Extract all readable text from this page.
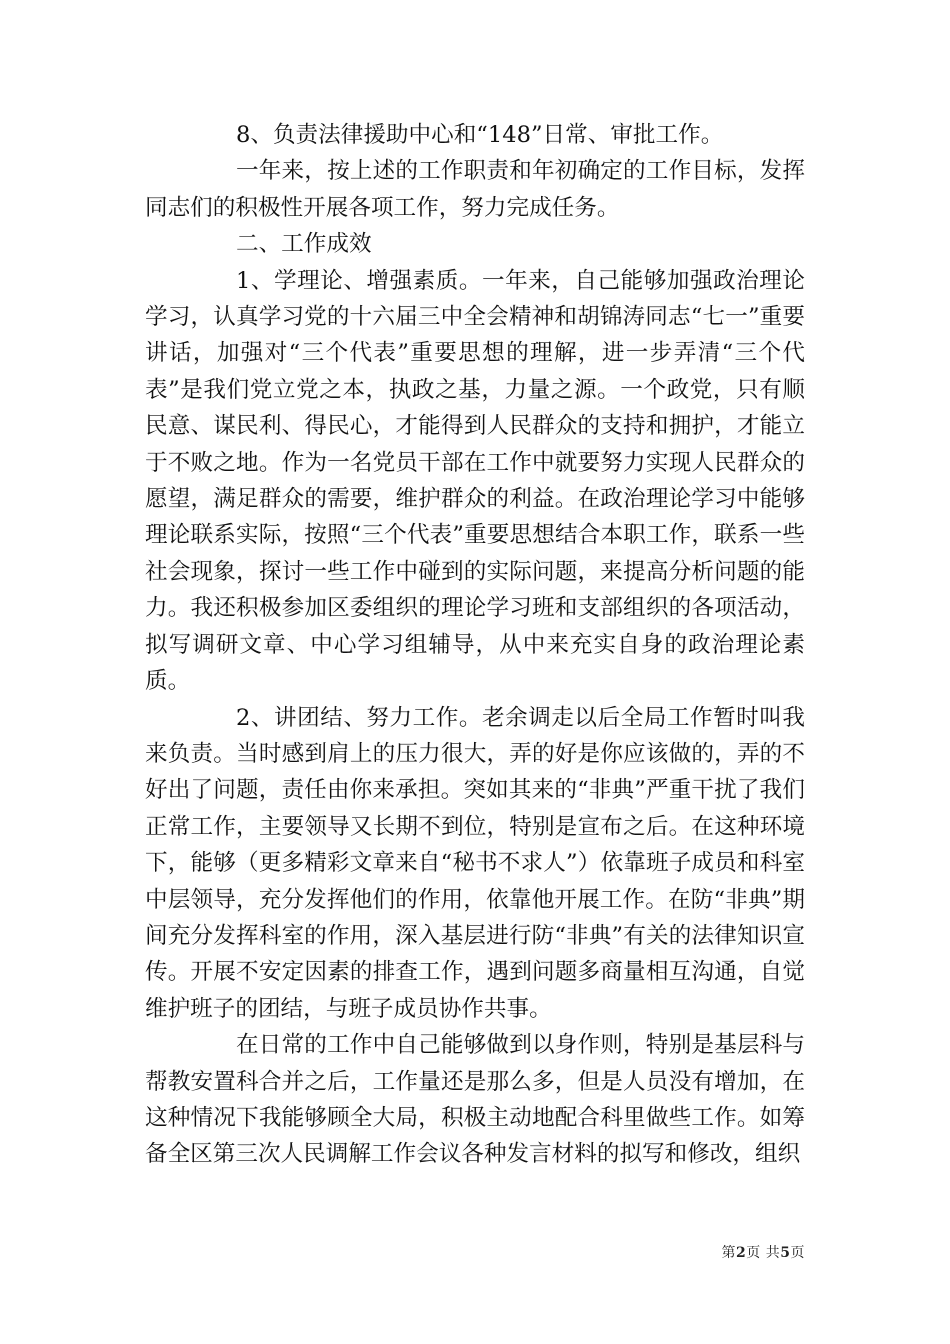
8、负责法律援助中心和“148”日常、审批工作。

一年来，按上述的工作职责和年初确定的工作目标，发挥同志们的积极性开展各项工作，努力完成任务。

二、工作成效

1、学理论、增强素质。一年来，自己能够加强政治理论学习，认真学习党的十六届三中全会精神和胡锦涛同志“七一”重要讲话，加强对“三个代表”重要思想的理解，进一步弄清“三个代表”是我们党立党之本，执政之基，力量之源。一个政党，只有顺民意、谋民利、得民心，才能得到人民群众的支持和拥护，才能立于不败之地。作为一名党员干部在工作中就要努力实现人民群众的愿望，满足群众的需要，维护群众的利益。在政治理论学习中能够理论联系实际，按照“三个代表”重要思想结合本职工作，联系一些社会现象，探讨一些工作中碰到的实际问题，来提高分析问题的能力。我还积极参加区委组织的理论学习班和支部组织的各项活动，拟写调研文章、中心学习组辅导，从中来充实自身的政治理论素质。

2、讲团结、努力工作。老余调走以后全局工作暂时叫我来负责。当时感到肩上的压力很大，弄的好是你应该做的，弄的不好出了问题，责任由你来承担。突如其来的“非典”严重干扰了我们正常工作，主要领导又长期不到位，特别是宣布之后。在这种环境下，能够（更多精彩文章来自“秘书不求人”）依靠班子成员和科室中层领导，充分发挥他们的作用，依靠他开展工作。在防“非典”期间充分发挥科室的作用，深入基层进行防“非典”有关的法律知识宣传。开展不安定因素的排查工作，遇到问题多商量相互沟通，自觉维护班子的团结，与班子成员协作共事。

在日常的工作中自己能够做到以身作则，特别是基层科与帮教安置科合并之后，工作量还是那么多，但是人员没有增加，在这种情况下我能够顾全大局，积极主动地配合科里做些工作。如筹备全区第三次人民调解工作会议各种发言材料的拟写和修改，组织

第2页 共5页
